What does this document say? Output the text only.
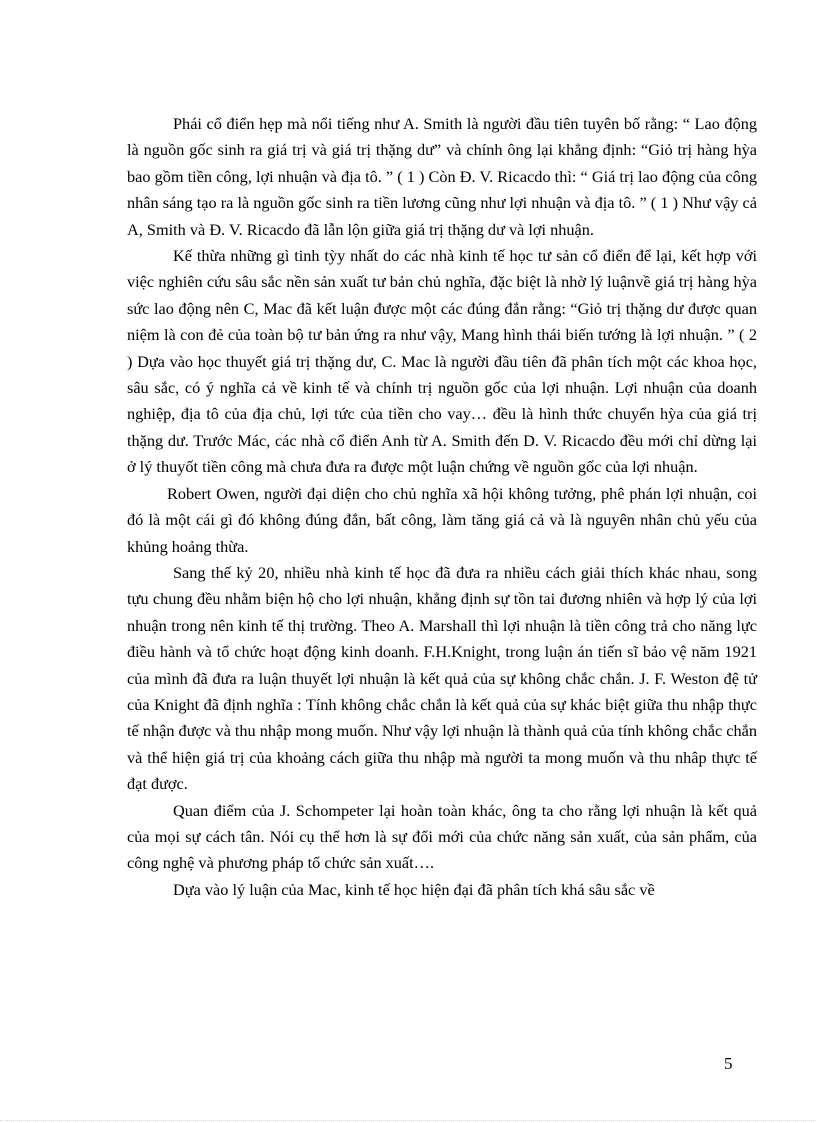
Phái cổ điển hẹp mà nổi tiếng như A. Smith là người đầu tiên tuyên bố rằng: “ Lao động là nguồn gốc sinh ra giá trị và giá trị thặng dư” và chính ông lại khẳng định: “Giỏ trị hàng hỳa bao gồm tiền công, lợi nhuận và địa tô. ” ( 1 ) Còn Đ. V. Ricacdo thì: “ Giá trị lao động của công nhân sáng tạo ra là nguồn gốc sinh ra tiền lương cũng như lợi nhuận và địa tô. ” ( 1 ) Như vậy cả A, Smith và Đ. V. Ricacdo đã lẫn lộn giữa giá trị thặng dư và lợi nhuận.

Kế thừa những gì tinh tỳy nhất do các nhà kinh tế học tư sản cổ điển để lại, kết hợp với việc nghiên cứu sâu sắc nền sản xuất tư bản chủ nghĩa, đặc biệt là nhờ lý luậnvề giá trị hàng hỳa sức lao động nên C, Mac đã kết luận được một các đúng đắn rằng: “Giỏ trị thặng dư được quan niệm là con đẻ của toàn bộ tư bản ứng ra như vậy, Mang hình thái biến tướng là lợi nhuận. ” ( 2 ) Dựa vào học thuyết giá trị thặng dư, C. Mac là người đầu tiên đã phân tích một các khoa học, sâu sắc, có ý nghĩa cả về kinh tế và chính trị nguồn gốc của lợi nhuận. Lợi nhuận của doanh nghiệp, địa tô của địa chủ, lợi tức của tiền cho vay… đều là hình thức chuyển hỳa của giá trị thặng dư. Trước Mác, các nhà cổ điển Anh từ A. Smith đến D. V. Ricacdo đều mới chỉ dừng lại ở lý thuyốt tiền công mà chưa đưa ra được một luận chứng về nguồn gốc của lợi nhuận.

Robert Owen, người đại diện cho chủ nghĩa xã hội không tưởng, phê phán lợi nhuận, coi đó là một cái gì đó không đúng đắn, bất công, làm tăng giá cả và là nguyên nhân chủ yếu của khủng hoảng thừa.

Sang thế kỷ 20, nhiều nhà kinh tế học đã đưa ra nhiều cách giải thích khác nhau, song tựu chung đều nhằm biện hộ cho lợi nhuận, khẳng định sự tồn tai đương nhiên và hợp lý của lợi nhuận trong nên kinh tế thị trường. Theo A. Marshall thì lợi nhuận là tiền công trả cho năng lực điều hành và tổ chức hoạt động kinh doanh. F.H.Knight, trong luận án tiến sĩ bảo vệ năm 1921 của mình đã đưa ra luận thuyết lợi nhuận là kết quả của sự không chắc chắn. J. F. Weston đệ tử của Knight đã định nghĩa : Tính không chắc chắn là kết quả của sự khác biệt giữa thu nhập thực tế nhận được và thu nhập mong muốn. Như vậy lợi nhuận là thành quả của tính không chắc chắn và thể hiện giá trị của khoảng cách giữa thu nhập mà người ta mong muốn và thu nhâp thực tế đạt được.

Quan điểm của J. Schompeter lại hoàn toàn khác, ông ta cho rằng lợi nhuận là kết quả của mọi sự cách tân. Nói cụ thể hơn là sự đổi mới của chức năng sản xuất, của sản phẩm, của công nghệ và phương pháp tổ chức sản xuất….

Dựa vào lý luận của Mac, kinh tế học hiện đại đã phân tích khá sâu sắc về

5
